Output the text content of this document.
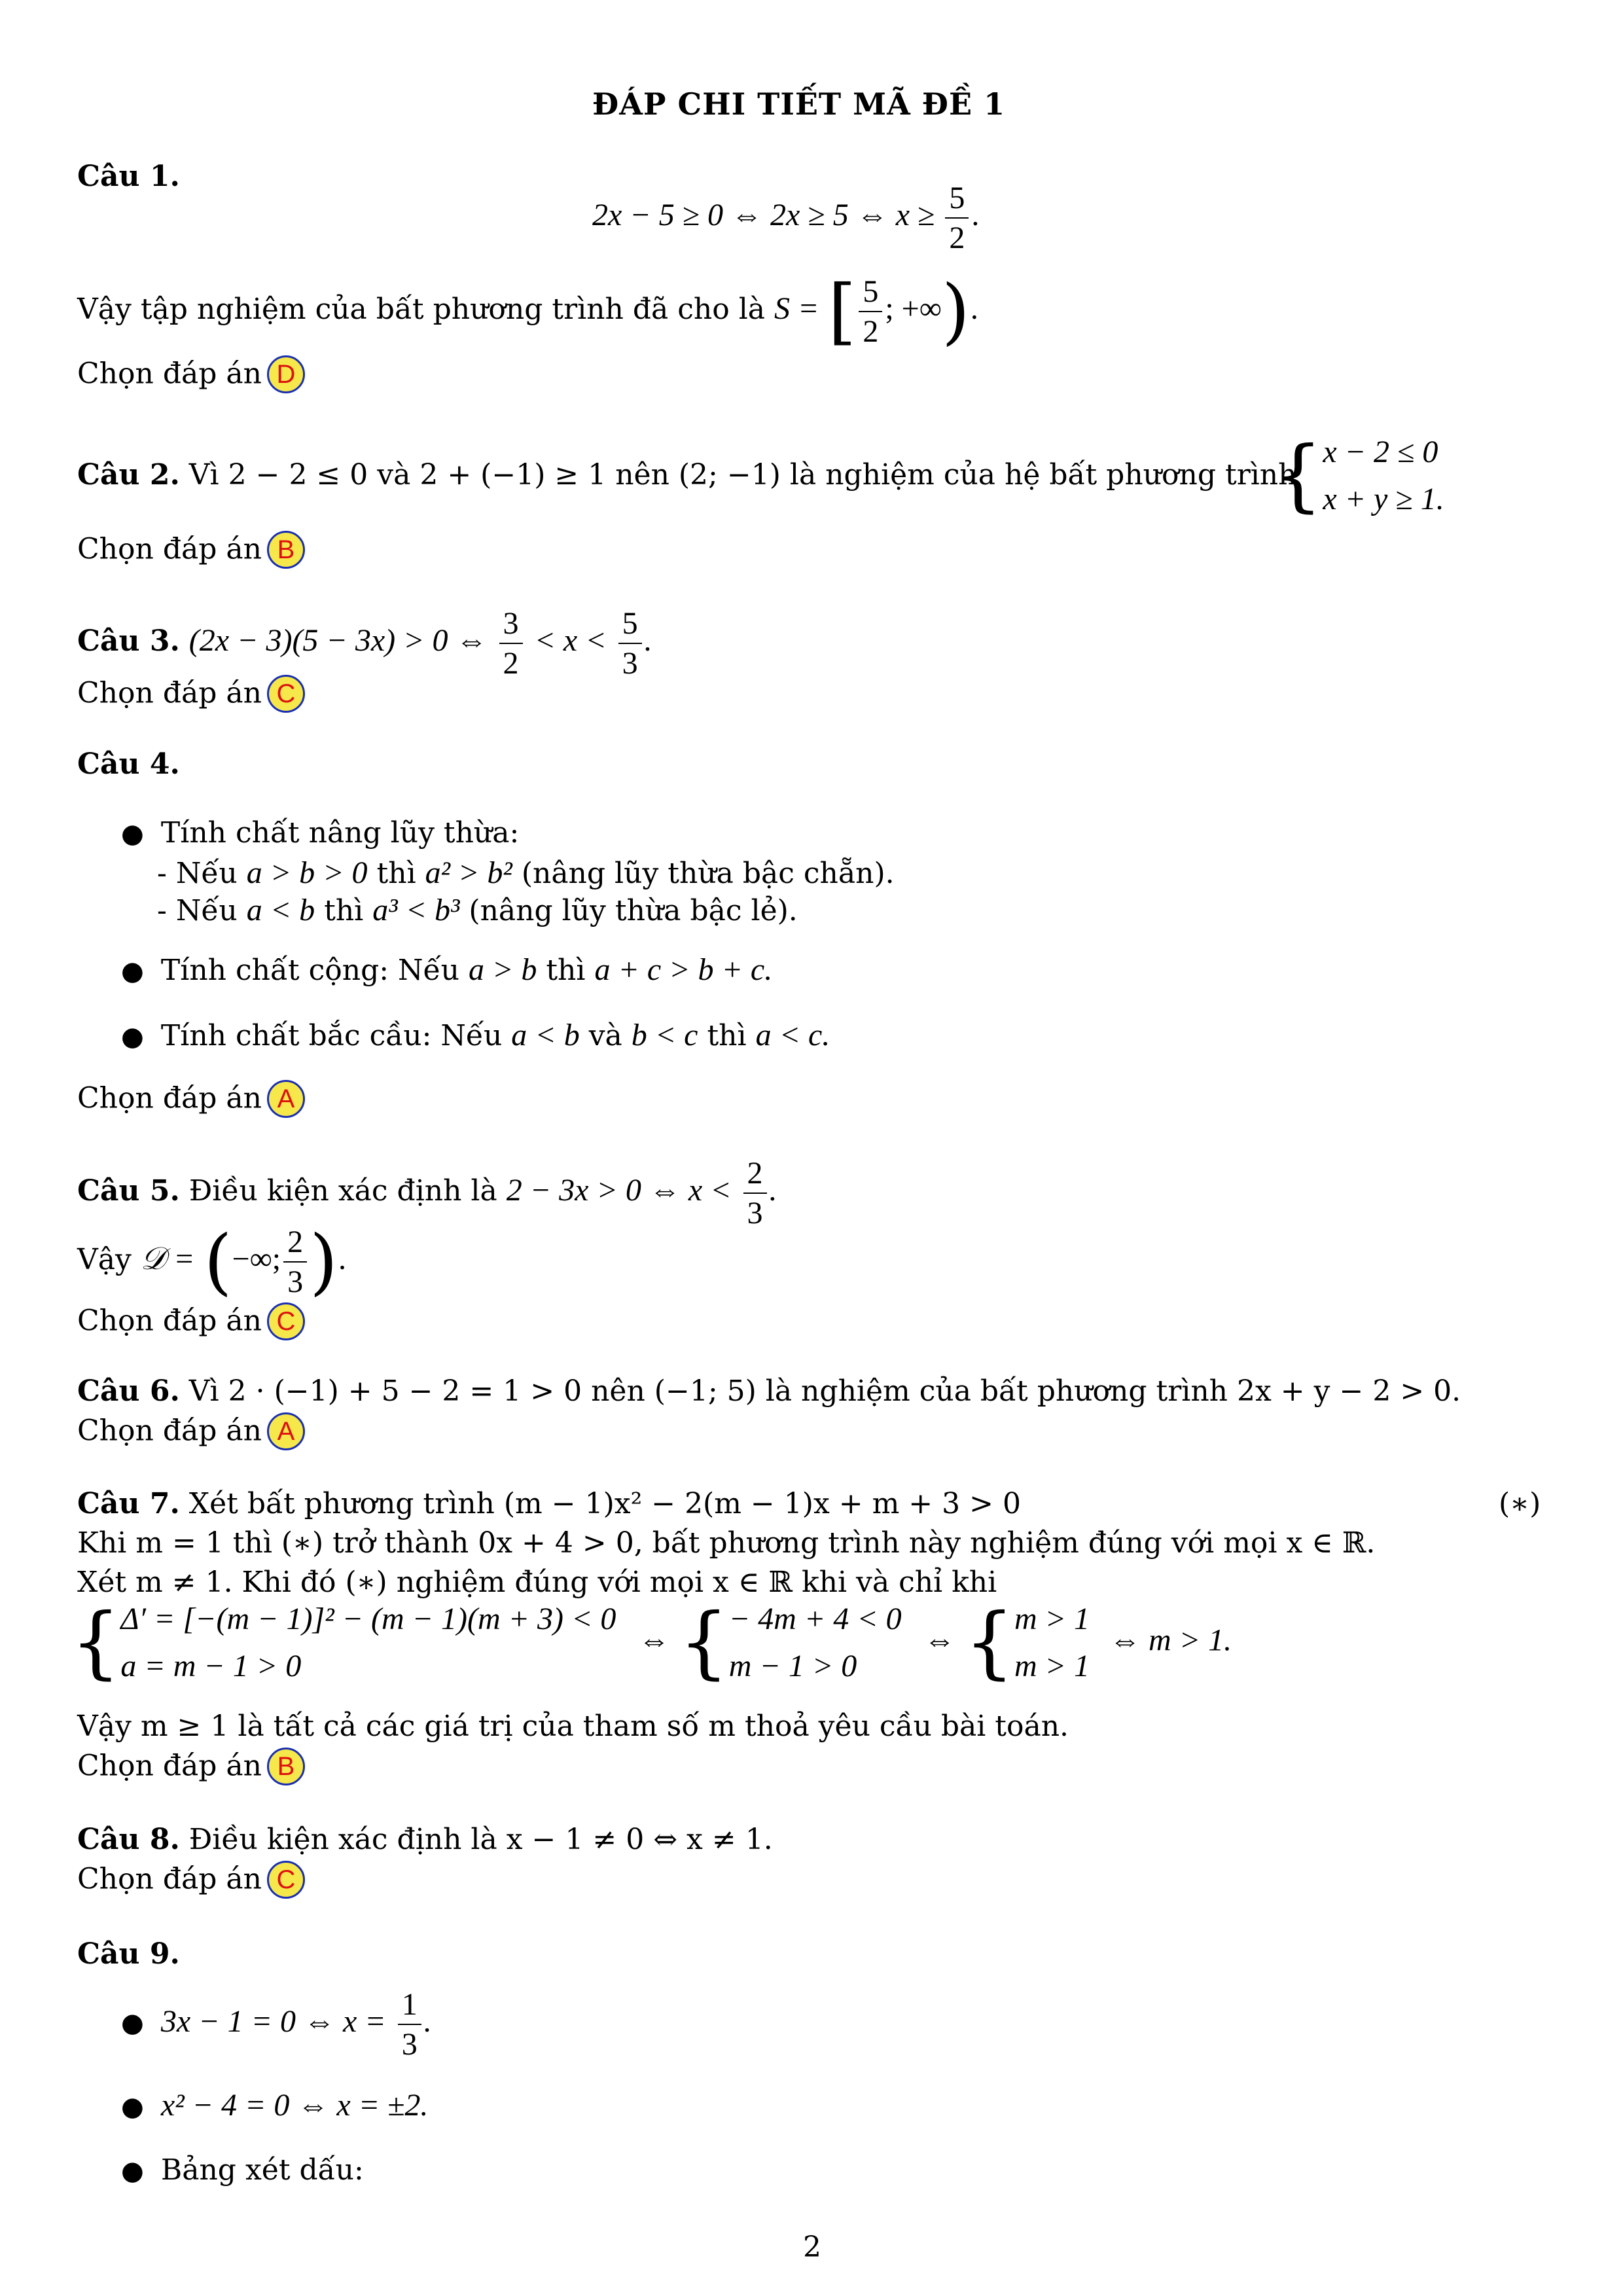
ĐÁP CHI TIẾT MÃ ĐỀ 1
Câu 1.
2x − 5 ≥ 0 ⇔ 2x ≥ 5 ⇔ $x \ge \frac{5}{2}$ .
Vậy tập nghiệm của bất phương trình đã cho là S = [ $\frac{5}{2}$ ; +∞).
Chọn đáp án D
Câu 2. Vì 2 − 2 ≤ 0 và 2 + (−1) ≥ 1 nên (2; −1) là nghiệm của hệ bất phương trình
{ x − 2 ≤ 0
x + y ≥ 1.
Chọn đáp án B
Câu 3. (2x − 3)(5 − 3x) > 0 ⇔ $\frac{3}{2} < x < \frac{5}{3}$ .
Chọn đáp án C
Câu 4.
● Tính chất nâng lũy thừa:
- Nếu a > b > 0 thì a² > b² (nâng lũy thừa bậc chẵn).
- Nếu a < b thì a³ < b³ (nâng lũy thừa bậc lẻ).
● Tính chất cộng: Nếu a > b thì a + c > b + c.
● Tính chất bắc cầu: Nếu a < b và b < c thì a < c.
Chọn đáp án A
Câu 5. Điều kiện xác định là 2 − 3x > 0 ⇔ $x < \frac{2}{3}$ .
Vậy 𝒟 = (−∞; $\frac{2}{3}$ ).
Chọn đáp án C
Câu 6. Vì 2 · (−1) + 5 − 2 = 1 > 0 nên (−1; 5) là nghiệm của bất phương trình 2x + y − 2 > 0.
Chọn đáp án A
Câu 7. Xét bất phương trình (m − 1)x² − 2(m − 1)x + m + 3 > 0	(∗)
Khi m = 1 thì (∗) trở thành 0x + 4 > 0, bất phương trình này nghiệm đúng với mọi x ∈ ℝ.
Xét m ≠ 1. Khi đó (∗) nghiệm đúng với mọi x ∈ ℝ khi và chỉ khi
{ Δ′ = [−(m − 1)]² − (m − 1)(m + 3) < 0
a = m − 1 > 0
⇔ { − 4m + 4 < 0
m − 1 > 0
⇔ { m > 1
m > 1
⇔ m > 1.
Vậy m ≥ 1 là tất cả các giá trị của tham số m thoả yêu cầu bài toán.
Chọn đáp án B
Câu 8. Điều kiện xác định là x − 1 ≠ 0 ⇔ x ≠ 1.
Chọn đáp án C
Câu 9.
● 3x − 1 = 0 ⇔ $x = \frac{1}{3}$ .
● x² − 4 = 0 ⇔ x = ±2.
● Bảng xét dấu:
2
